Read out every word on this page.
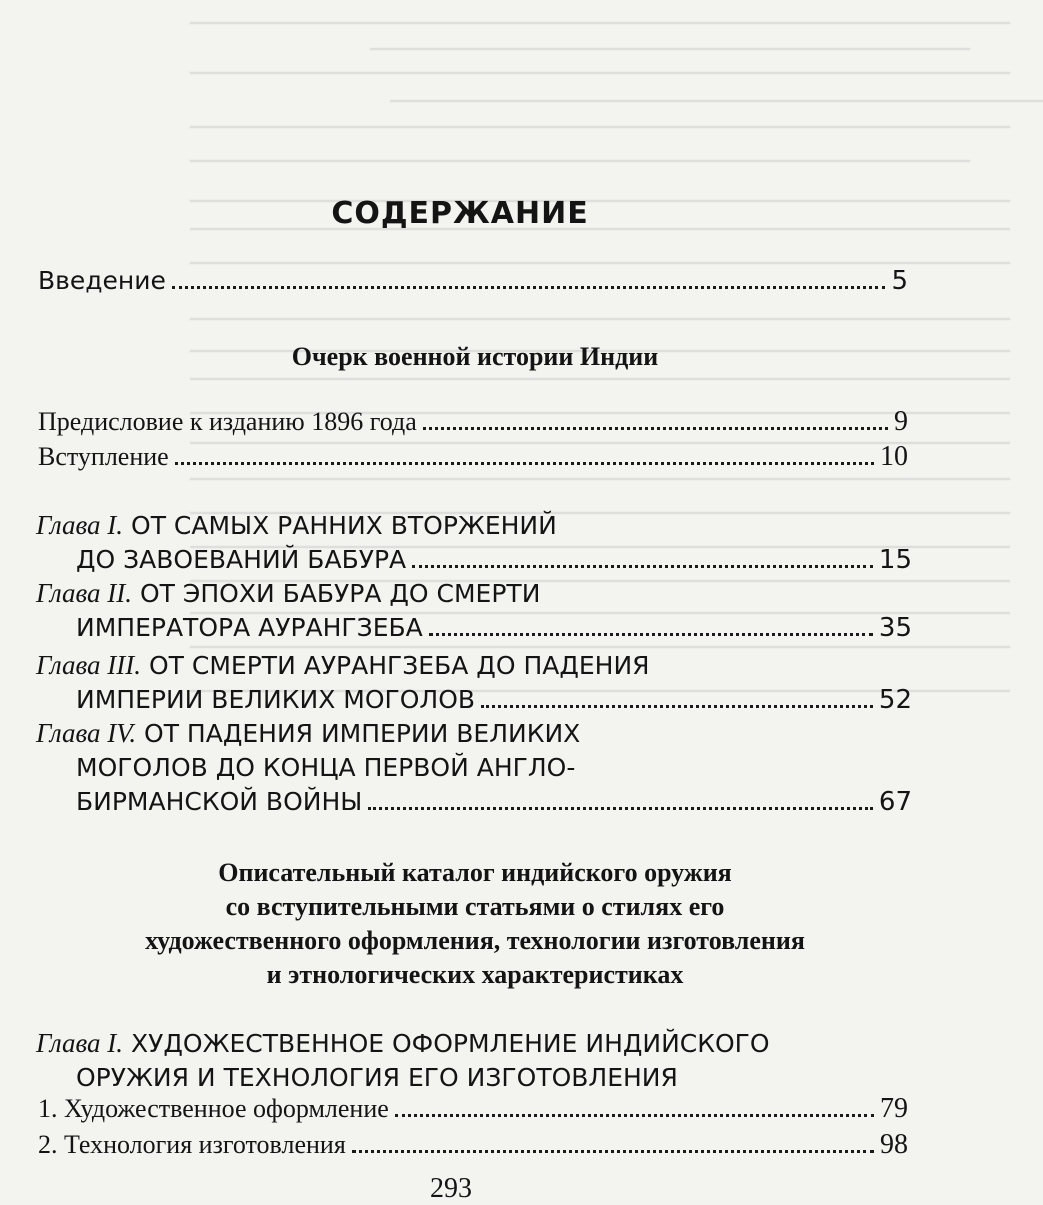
СОДЕРЖАНИЕ
Введение	5
Очерк военной истории Индии
Предисловие к изданию 1896 года	9
Вступление	10
Глава I.
ОТ САМЫХ РАННИХ ВТОРЖЕНИЙ
ДО ЗАВОЕВАНИЙ БАБУРА	15
Глава II.
ОТ ЭПОХИ БАБУРА ДО СМЕРТИ
ИМПЕРАТОРА АУРАНГЗЕБА	35
Глава III.
ОТ СМЕРТИ АУРАНГЗЕБА ДО ПАДЕНИЯ
ИМПЕРИИ ВЕЛИКИХ МОГОЛОВ	52
Глава IV.
ОТ ПАДЕНИЯ ИМПЕРИИ ВЕЛИКИХ
МОГОЛОВ ДО КОНЦА ПЕРВОЙ АНГЛО-
БИРМАНСКОЙ ВОЙНЫ	67
Описательный каталог индийского оружия
со вступительными статьями о стилях его
художественного оформления, технологии изготовления
и этнологических характеристиках
Глава I.
ХУДОЖЕСТВЕННОЕ ОФОРМЛЕНИЕ ИНДИЙСКОГО
ОРУЖИЯ И ТЕХНОЛОГИЯ ЕГО ИЗГОТОВЛЕНИЯ
1. Художественное оформление	79
2. Технология изготовления	98
293
